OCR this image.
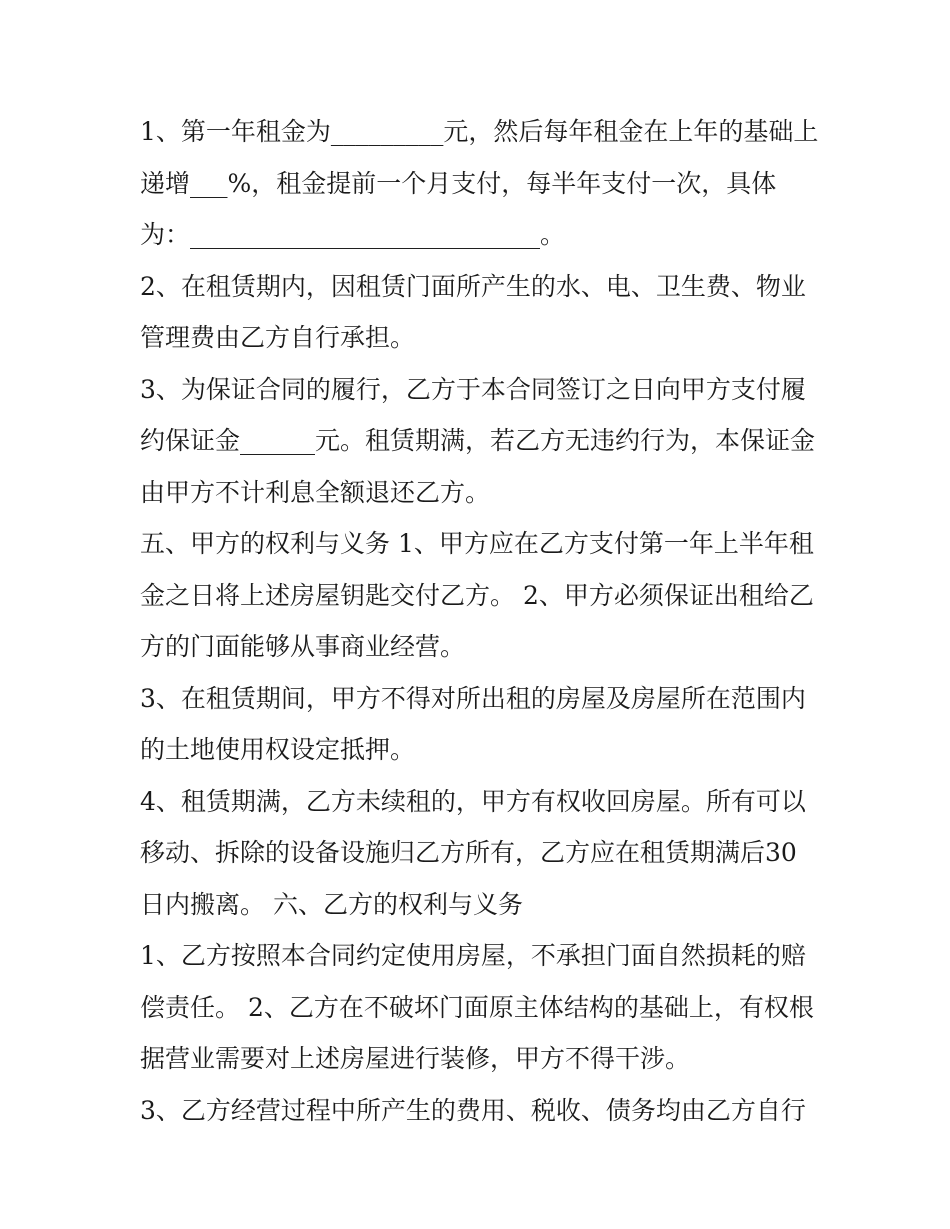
1、第一年租金为_________元，然后每年租金在上年的基础上
递增___%，租金提前一个月支付，每半年支付一次，具体
为：____________________________。
2、在租赁期内，因租赁门面所产生的水、电、卫生费、物业
管理费由乙方自行承担。
3、为保证合同的履行，乙方于本合同签订之日向甲方支付履
约保证金______元。租赁期满，若乙方无违约行为，本保证金
由甲方不计利息全额退还乙方。
五、甲方的权利与义务 1、甲方应在乙方支付第一年上半年租
金之日将上述房屋钥匙交付乙方。 2、甲方必须保证出租给乙
方的门面能够从事商业经营。
3、在租赁期间，甲方不得对所出租的房屋及房屋所在范围内
的土地使用权设定抵押。
4、租赁期满，乙方未续租的，甲方有权收回房屋。所有可以
移动、拆除的设备设施归乙方所有，乙方应在租赁期满后30
日内搬离。 六、乙方的权利与义务
1、乙方按照本合同约定使用房屋，不承担门面自然损耗的赔
偿责任。 2、乙方在不破坏门面原主体结构的基础上，有权根
据营业需要对上述房屋进行装修，甲方不得干涉。
3、乙方经营过程中所产生的费用、税收、债务均由乙方自行
